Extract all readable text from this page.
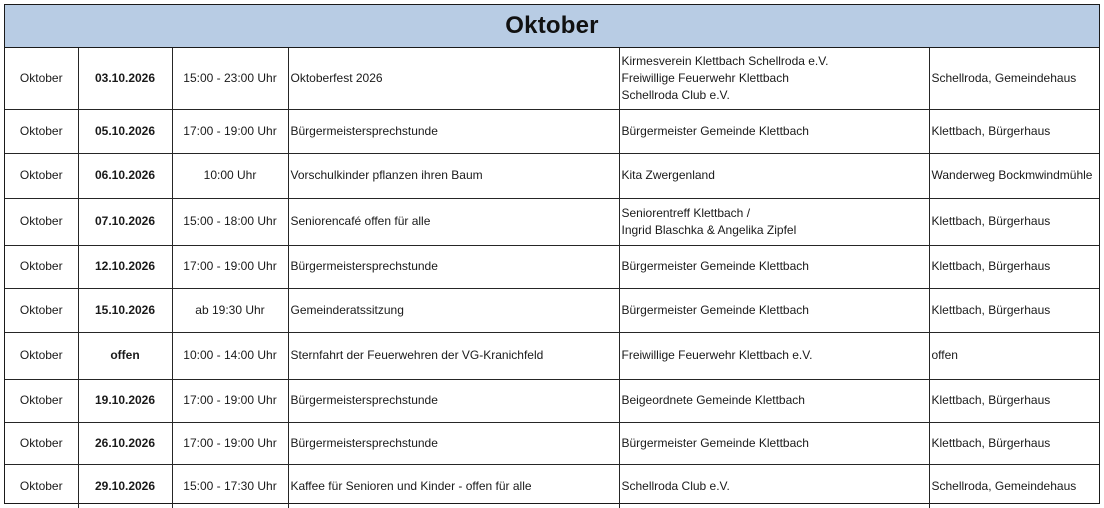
Oktober
Oktober	03.10.2026	15:00 - 23:00 Uhr	Oktoberfest 2026	Kirmesverein Klettbach Schellroda e.V.
Freiwillige Feuerwehr Klettbach
Schellroda Club e.V.	Schellroda, Gemeindehaus
Oktober	05.10.2026	17:00 - 19:00 Uhr	Bürgermeistersprechstunde	Bürgermeister Gemeinde Klettbach	Klettbach, Bürgerhaus
Oktober	06.10.2026	10:00 Uhr	Vorschulkinder pflanzen ihren Baum	Kita Zwergenland	Wanderweg Bockmwindmühle
Oktober	07.10.2026	15:00 - 18:00 Uhr	Seniorencafé offen für alle	Seniorentreff Klettbach /
Ingrid Blaschka & Angelika Zipfel	Klettbach, Bürgerhaus
Oktober	12.10.2026	17:00 - 19:00 Uhr	Bürgermeistersprechstunde	Bürgermeister Gemeinde Klettbach	Klettbach, Bürgerhaus
Oktober	15.10.2026	ab 19:30 Uhr	Gemeinderatssitzung	Bürgermeister Gemeinde Klettbach	Klettbach, Bürgerhaus
Oktober	offen	10:00 - 14:00 Uhr	Sternfahrt der Feuerwehren der VG-Kranichfeld	Freiwillige Feuerwehr Klettbach e.V.	offen
Oktober	19.10.2026	17:00 - 19:00 Uhr	Bürgermeistersprechstunde	Beigeordnete Gemeinde Klettbach	Klettbach, Bürgerhaus
Oktober	26.10.2026	17:00 - 19:00 Uhr	Bürgermeistersprechstunde	Bürgermeister Gemeinde Klettbach	Klettbach, Bürgerhaus
Oktober	29.10.2026	15:00 - 17:30 Uhr	Kaffee für Senioren und Kinder - offen für alle	Schellroda Club e.V.	Schellroda, Gemeindehaus
